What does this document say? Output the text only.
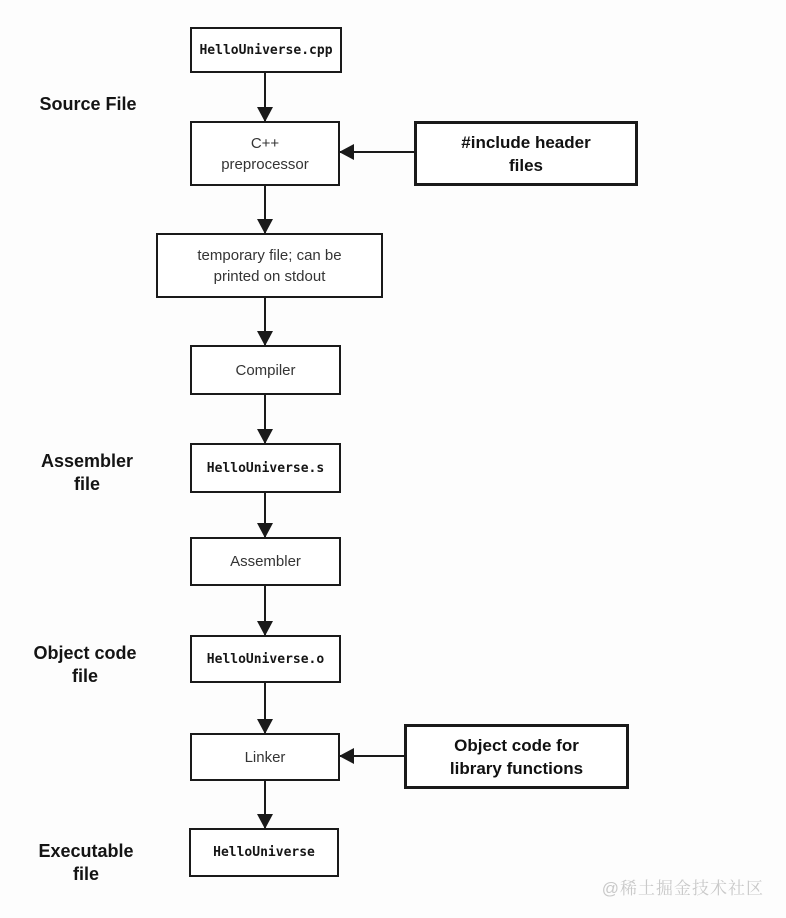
Source File
Assembler
file
Object code
file
Executable
file
HelloUniverse.cpp
C++
preprocessor
#include header
files
temporary file; can be
printed on stdout
Compiler
HelloUniverse.s
Assembler
HelloUniverse.o
Linker
Object code for
library functions
HelloUniverse
@稀土掘金技术社区
